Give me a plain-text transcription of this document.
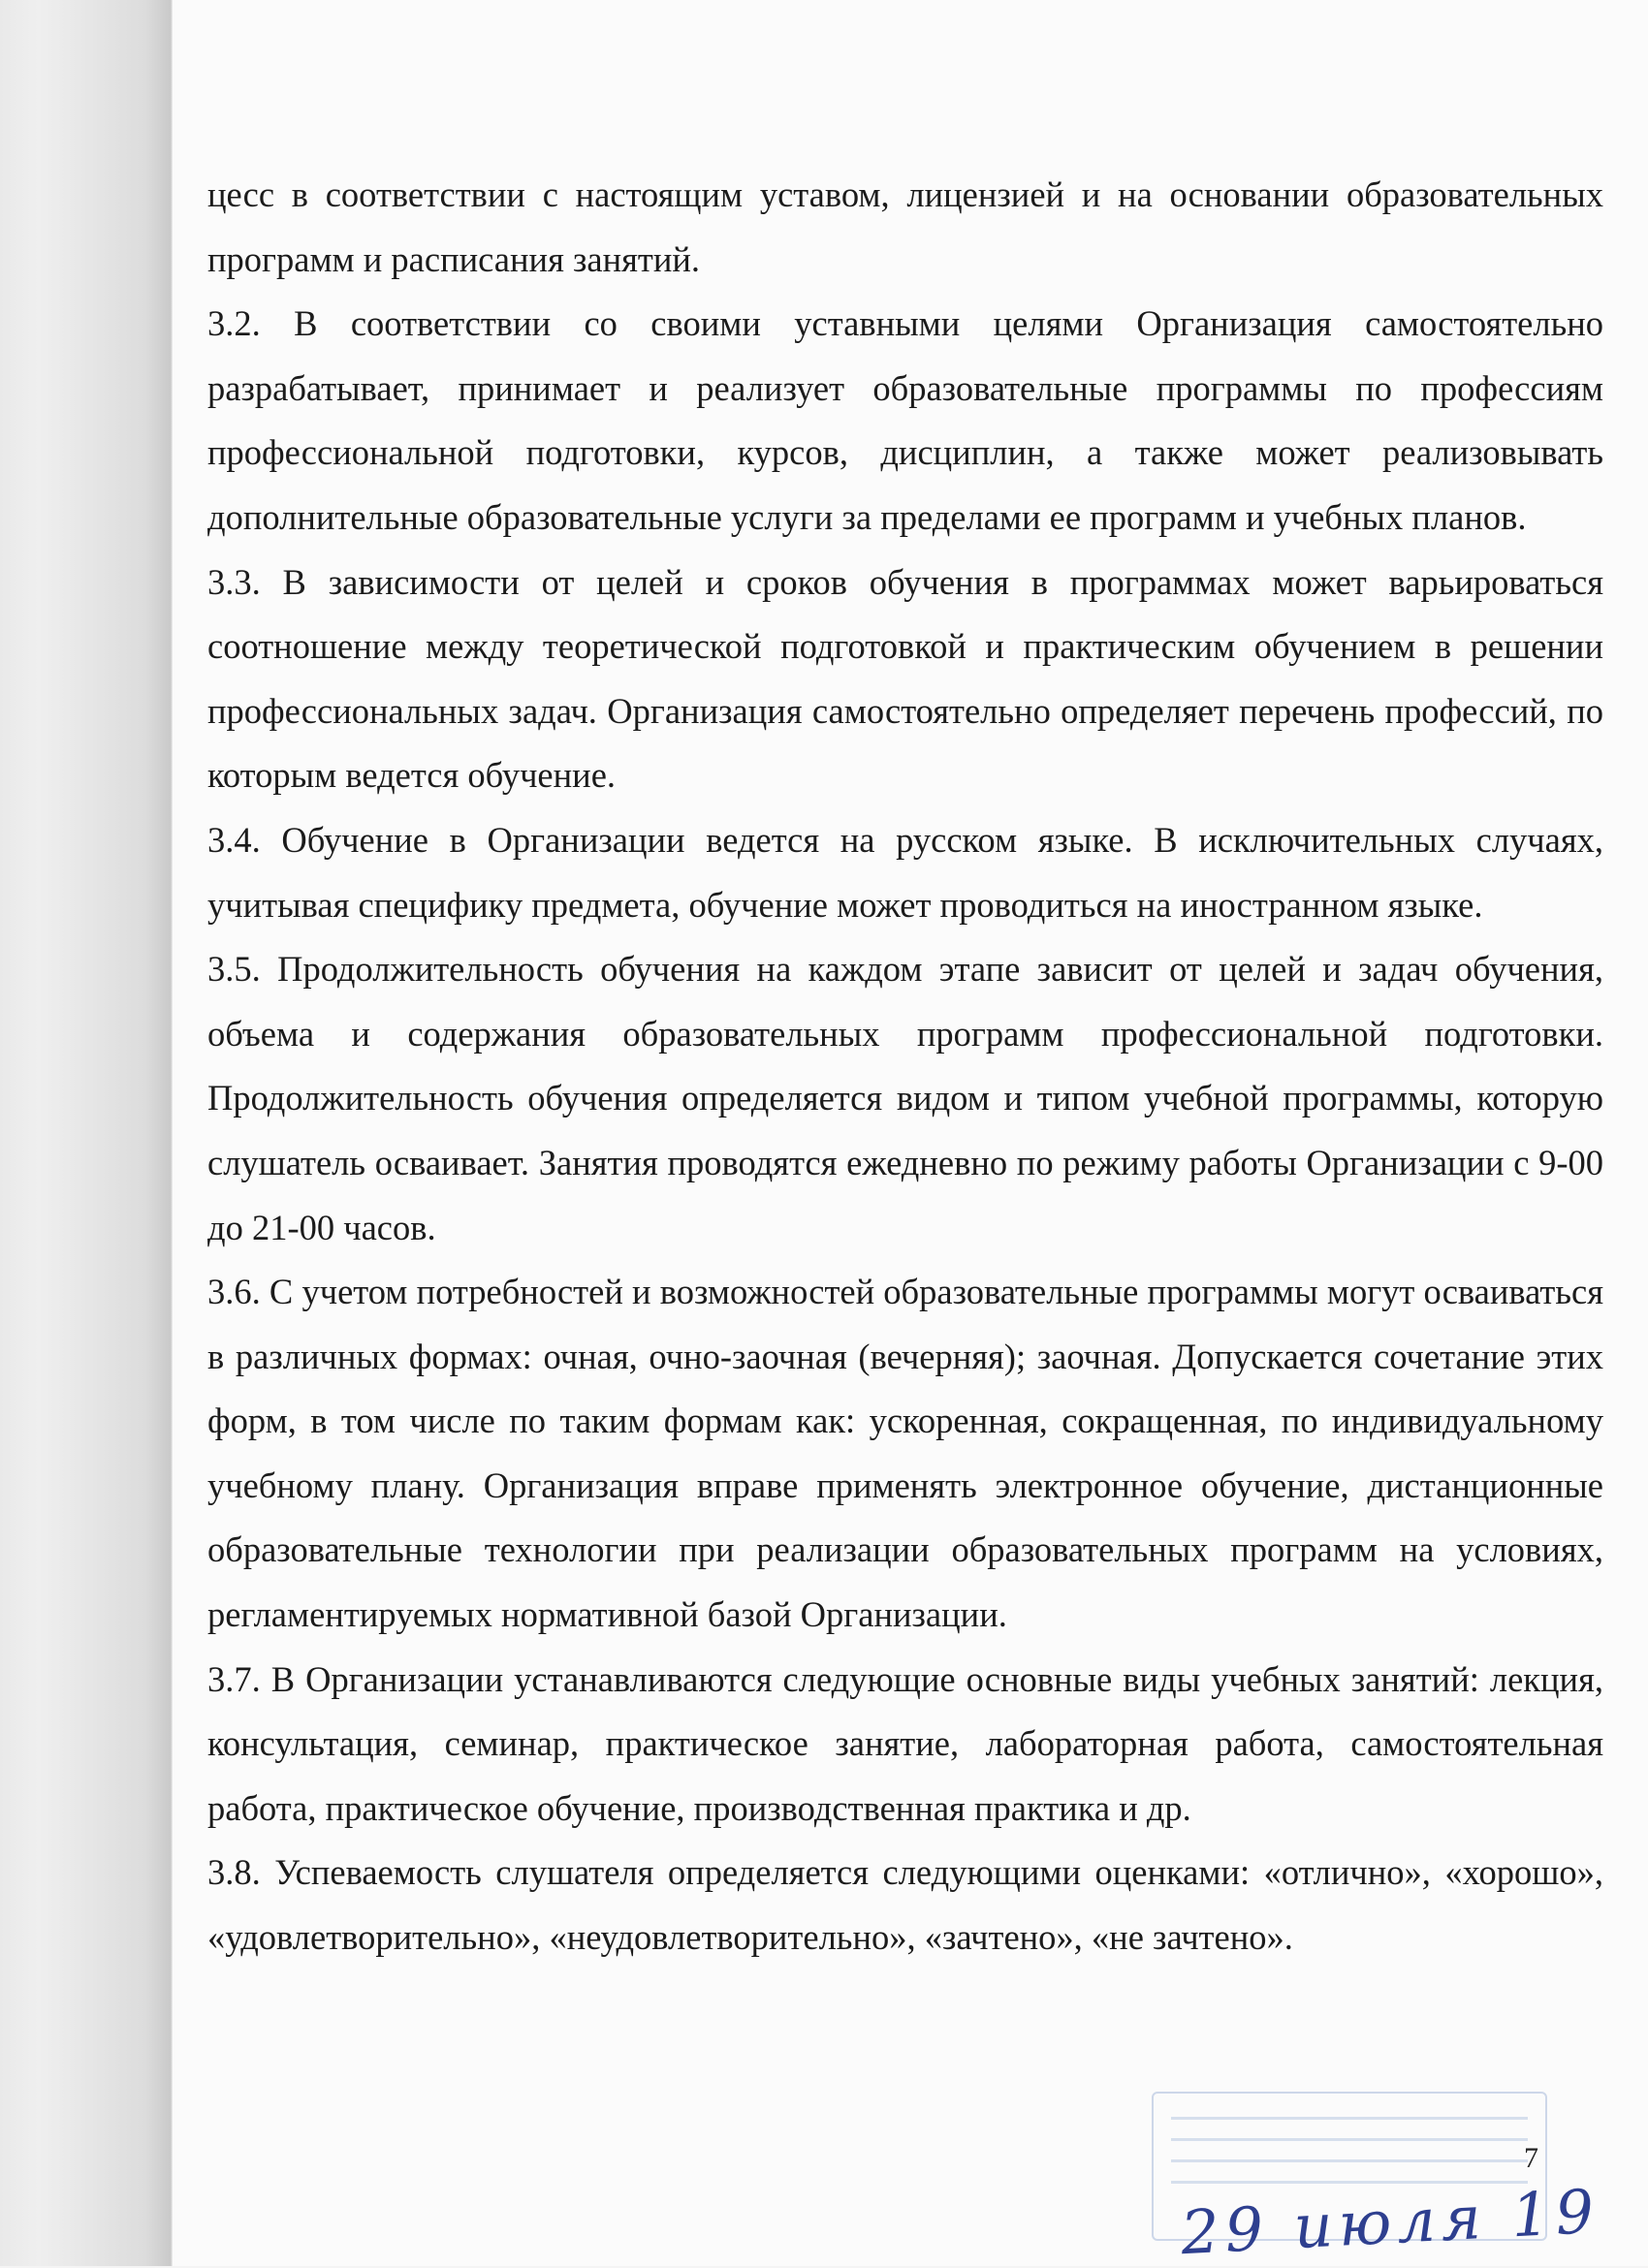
цесс в соответствии с настоящим уставом, лицензией и на основании образовательных программ и расписания занятий.

3.2. В соответствии со своими уставными целями Организация самостоятельно разрабатывает, принимает и реализует образовательные программы по профессиям профессиональной подготовки, курсов, дисциплин, а также может реализовывать дополнительные образовательные услуги за пределами ее программ и учебных планов.

3.3. В зависимости от целей и сроков обучения в программах может варьироваться соотношение между теоретической подготовкой и практическим обучением в решении профессиональных задач. Организация самостоятельно определяет перечень профессий, по которым ведется обучение.

3.4. Обучение в Организации ведется на русском языке. В исключительных случаях, учитывая специфику предмета, обучение может проводиться на иностранном языке.

3.5. Продолжительность обучения на каждом этапе зависит от целей и задач обучения, объема и содержания образовательных программ профессиональной подготовки. Продолжительность обучения определяется видом и типом учебной программы, которую слушатель осваивает. Занятия проводятся ежедневно по режиму работы Организации с 9-00 до 21-00 часов.

3.6. С учетом потребностей и возможностей образовательные программы могут осваиваться в различных формах: очная, очно-заочная (вечерняя); заочная. Допускается сочетание этих форм, в том числе по таким формам как: ускоренная, сокращенная, по индивидуальному учебному плану. Организация вправе применять электронное обучение, дистанционные образовательные технологии при реализации образовательных программ на условиях, регламентируемых нормативной базой Организации.

3.7. В Организации устанавливаются следующие основные виды учебных занятий: лекция, консультация, семинар, практическое занятие, лабораторная работа, самостоятельная работа, практическое обучение, производственная практика и др.

3.8. Успеваемость слушателя определяется следующими оценками: «отлично», «хорошо», «удовлетворительно», «неудовлетворительно», «зачтено», «не зачтено».

7
29 июля 19
